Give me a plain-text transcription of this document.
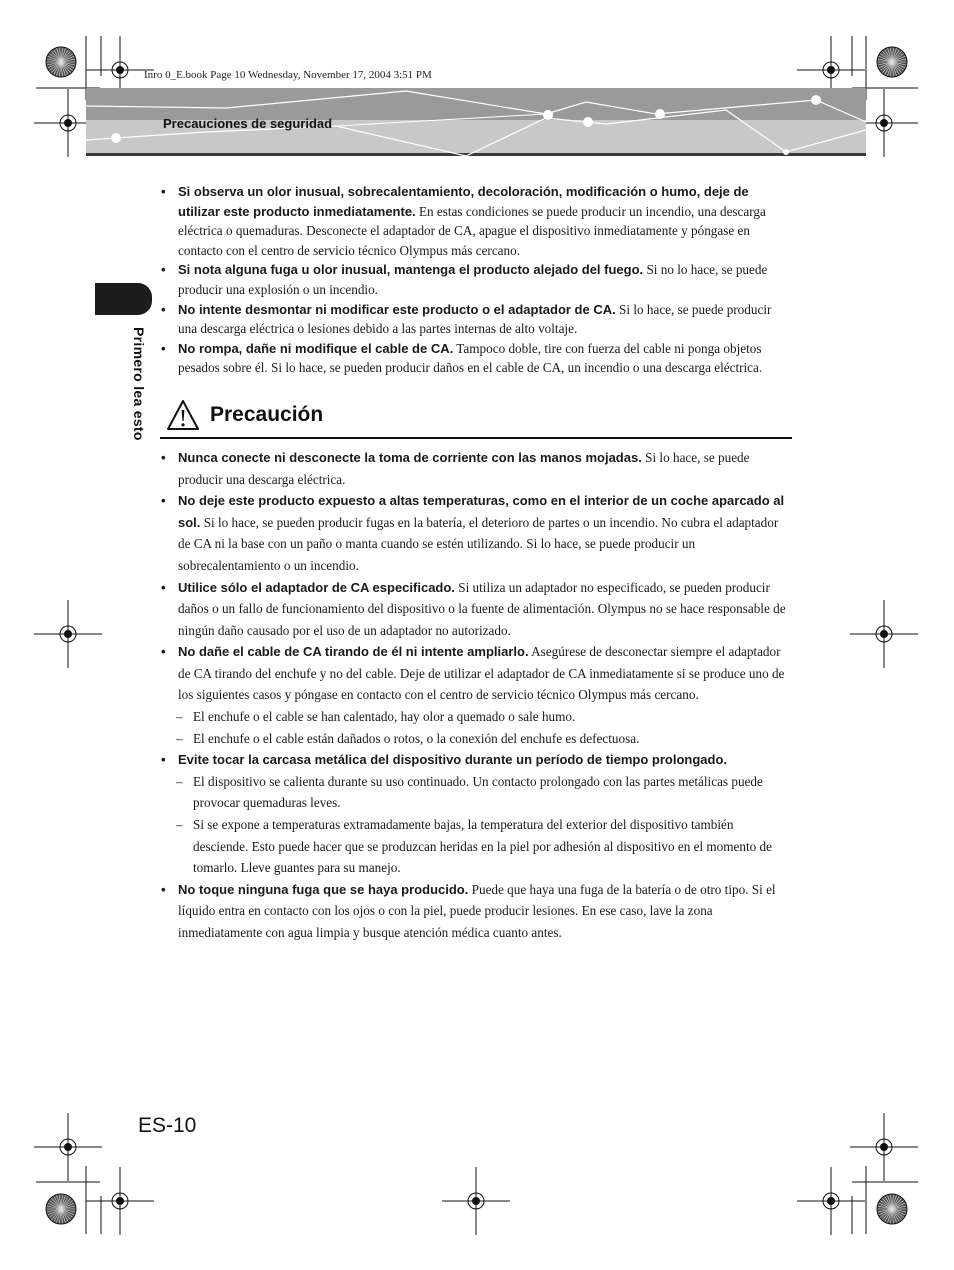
Inro 0_E.book Page 10 Wednesday, November 17, 2004 3:51 PM
Precauciones de seguridad
Primero lea esto
• Si observa un olor inusual, sobrecalentamiento, decoloración, modificación o humo, deje de utilizar este producto inmediatamente. En estas condiciones se puede producir un incendio, una descarga eléctrica o quemaduras. Desconecte el adaptador de CA, apague el dispositivo inmediatamente y póngase en contacto con el centro de servicio técnico Olympus más cercano.
• Si nota alguna fuga u olor inusual, mantenga el producto alejado del fuego. Si no lo hace, se puede producir una explosión o un incendio.
• No intente desmontar ni modificar este producto o el adaptador de CA. Si lo hace, se puede producir una descarga eléctrica o lesiones debido a las partes internas de alto voltaje.
• No rompa, dañe ni modifique el cable de CA. Tampoco doble, tire con fuerza del cable ni ponga objetos pesados sobre él. Si lo hace, se pueden producir daños en el cable de CA, un incendio o una descarga eléctrica.
Precaución
• Nunca conecte ni desconecte la toma de corriente con las manos mojadas. Si lo hace, se puede producir una descarga eléctrica.
• No deje este producto expuesto a altas temperaturas, como en el interior de un coche aparcado al sol. Si lo hace, se pueden producir fugas en la batería, el deterioro de partes o un incendio. No cubra el adaptador de CA ni la base con un paño o manta cuando se estén utilizando. Si lo hace, se puede producir un sobrecalentamiento o un incendio.
• Utilice sólo el adaptador de CA especificado. Si utiliza un adaptador no especificado, se pueden producir daños o un fallo de funcionamiento del dispositivo o la fuente de alimentación. Olympus no se hace responsable de ningún daño causado por el uso de un adaptador no autorizado.
• No dañe el cable de CA tirando de él ni intente ampliarlo. Asegúrese de desconectar siempre el adaptador de CA tirando del enchufe y no del cable. Deje de utilizar el adaptador de CA inmediatamente si se produce uno de los siguientes casos y póngase en contacto con el centro de servicio técnico Olympus más cercano.
– El enchufe o el cable se han calentado, hay olor a quemado o sale humo.
– El enchufe o el cable están dañados o rotos, o la conexión del enchufe es defectuosa.
• Evite tocar la carcasa metálica del dispositivo durante un período de tiempo prolongado.
– El dispositivo se calienta durante su uso continuado. Un contacto prolongado con las partes metálicas puede provocar quemaduras leves.
– Si se expone a temperaturas extramadamente bajas, la temperatura del exterior del dispositivo también desciende. Esto puede hacer que se produzcan heridas en la piel por adhesión al dispositivo en el momento de tomarlo. Lleve guantes para su manejo.
• No toque ninguna fuga que se haya producido. Puede que haya una fuga de la batería o de otro tipo. Si el líquido entra en contacto con los ojos o con la piel, puede producir lesiones. En ese caso, lave la zona inmediatamente con agua limpia y busque atención médica cuanto antes.
ES-10
